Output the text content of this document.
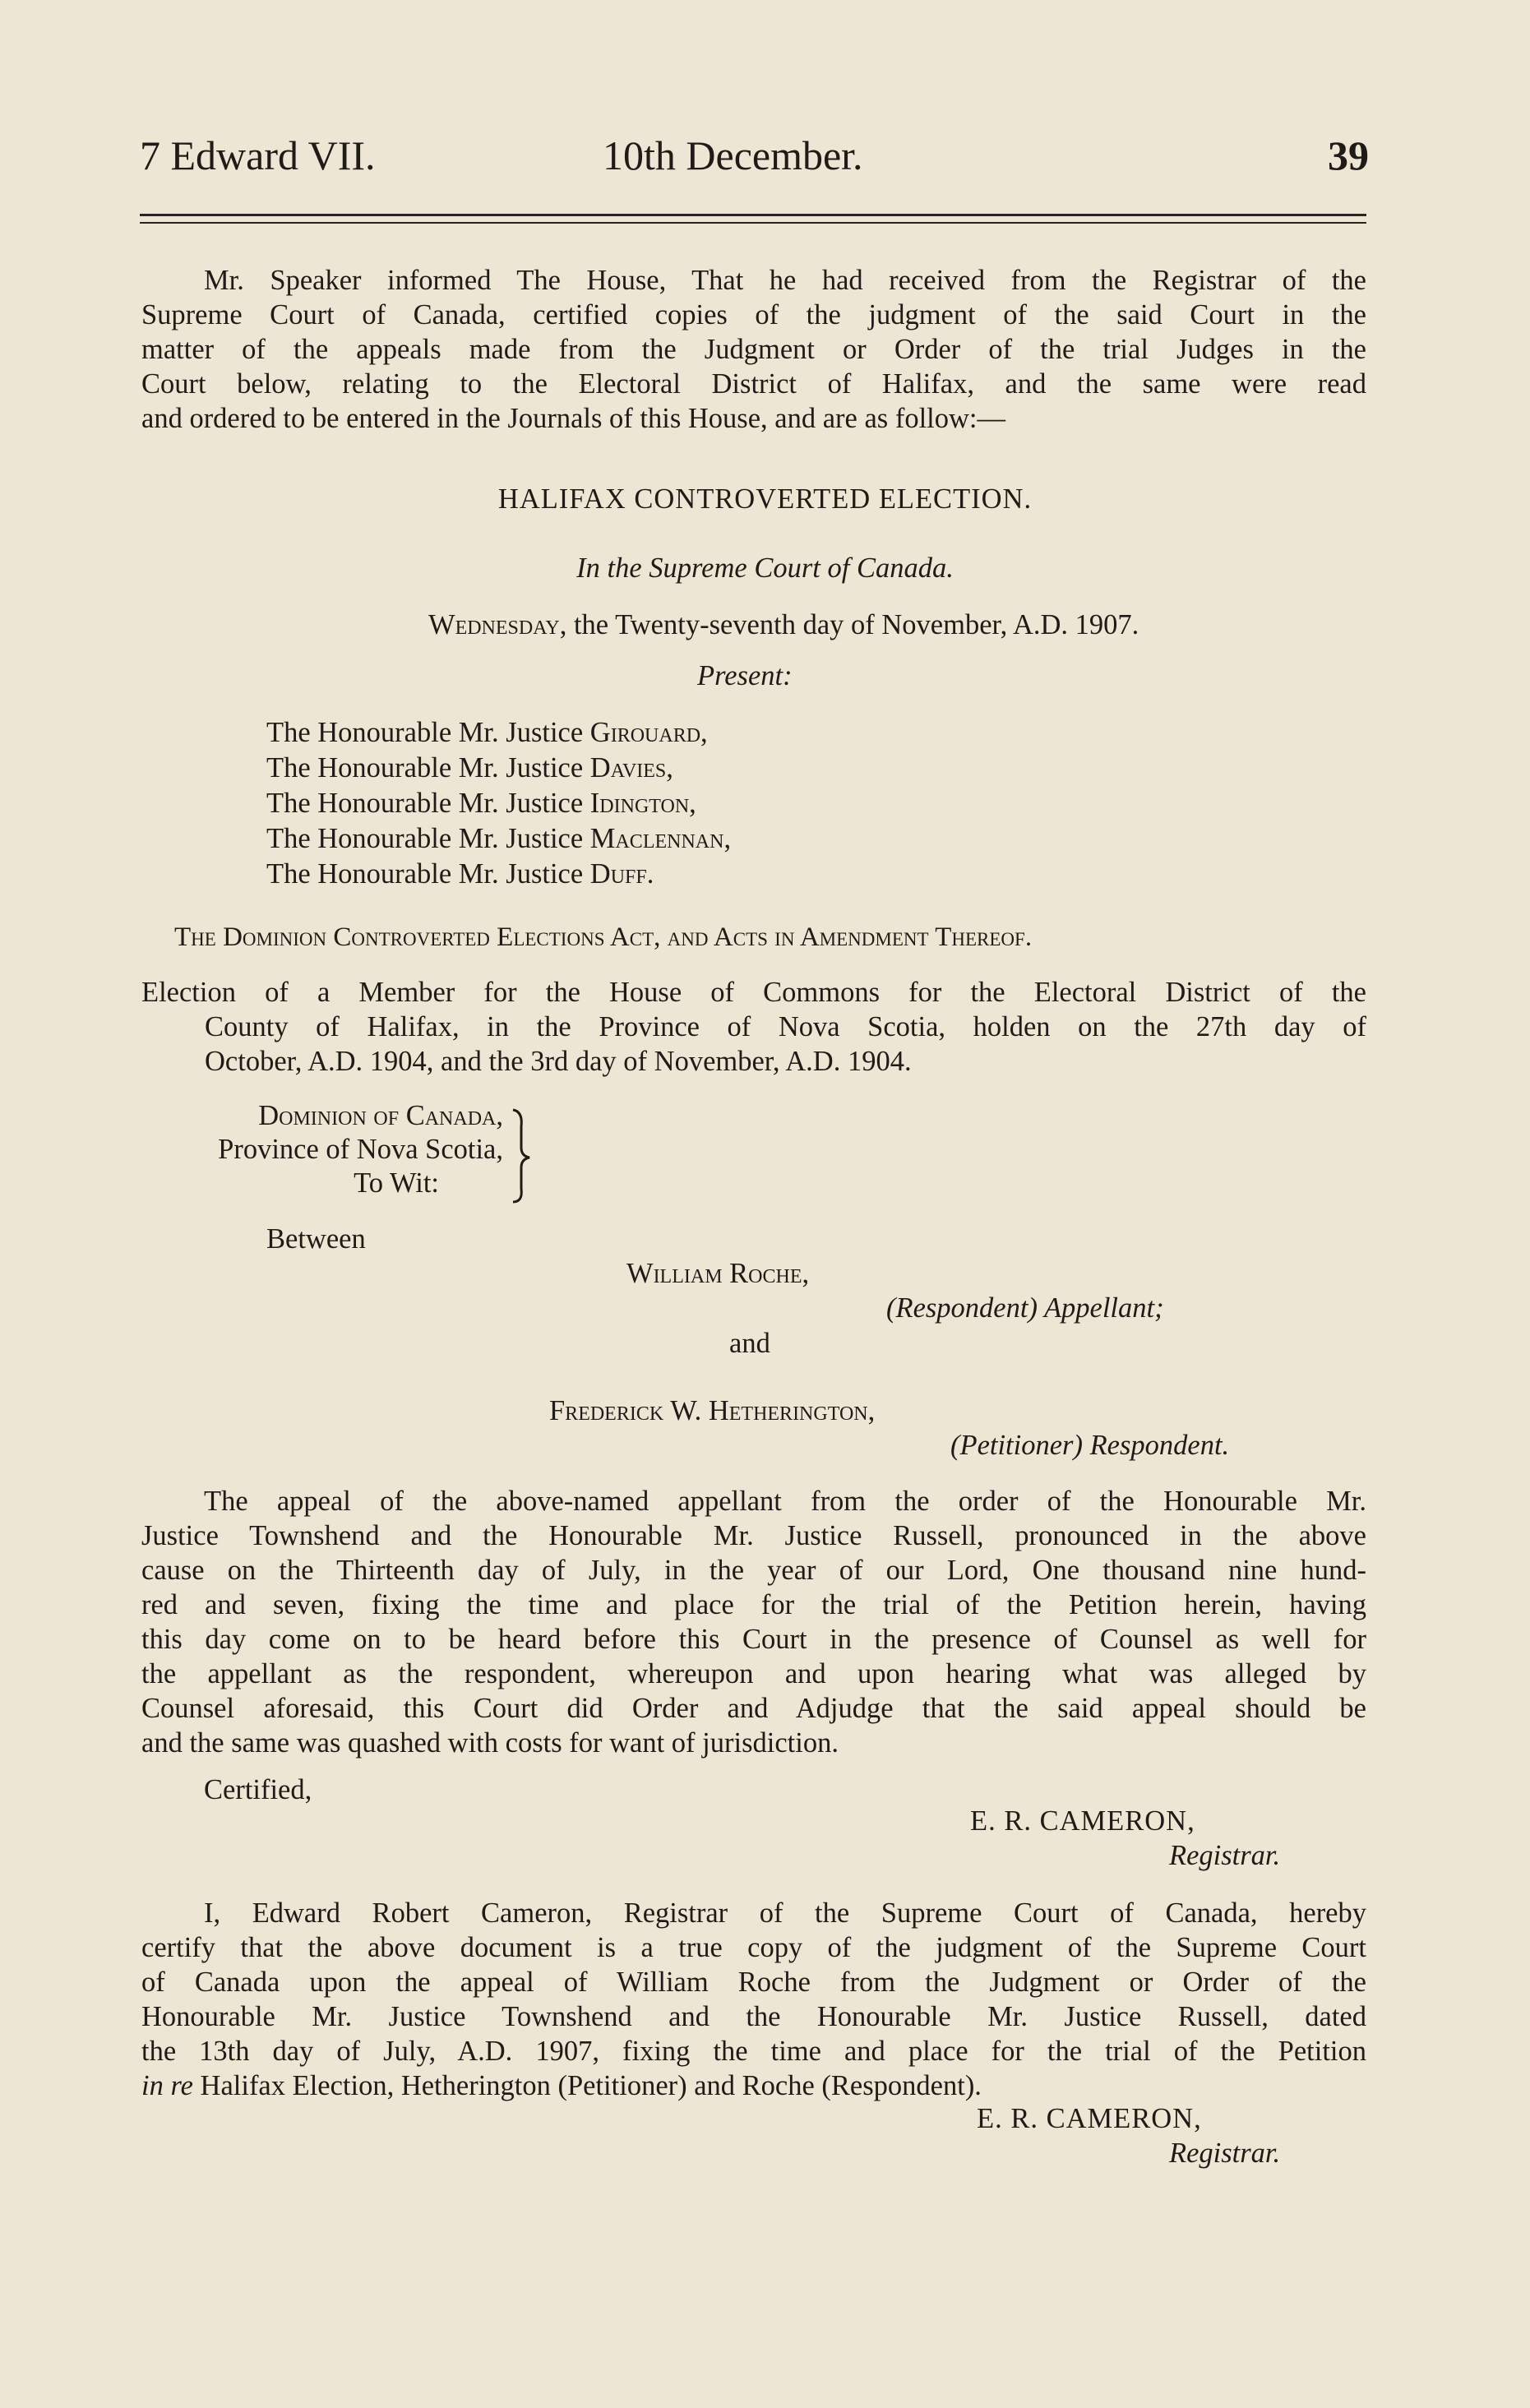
7 Edward VII.	10th December.	39

Mr. Speaker informed The House, That he had received from the Registrar of the
Supreme Court of Canada, certified copies of the judgment of the said Court in the
matter of the appeals made from the Judgment or Order of the trial Judges in the
Court below, relating to the Electoral District of Halifax, and the same were read
and ordered to be entered in the Journals of this House, and are as follow:—

HALIFAX CONTROVERTED ELECTION.
In the Supreme Court of Canada.
Wednesday, the Twenty-seventh day of November, A.D. 1907.
Present:
The Honourable Mr. Justice Girouard,
The Honourable Mr. Justice Davies,
The Honourable Mr. Justice Idington,
The Honourable Mr. Justice Maclennan,
The Honourable Mr. Justice Duff.
The Dominion Controverted Elections Act, and Acts in Amendment Thereof.

Election of a Member for the House of Commons for the Electoral District of the
County of Halifax, in the Province of Nova Scotia, holden on the 27th day of
October, A.D. 1904, and the 3rd day of November, A.D. 1904.

Dominion of Canada,
Province of Nova Scotia,
To Wit:
Between
William Roche,
(Respondent) Appellant;
and
Frederick W. Hetherington,
(Petitioner) Respondent.

The appeal of the above-named appellant from the order of the Honourable Mr.
Justice Townshend and the Honourable Mr. Justice Russell, pronounced in the above
cause on the Thirteenth day of July, in the year of our Lord, One thousand nine hund-
red and seven, fixing the time and place for the trial of the Petition herein, having
this day come on to be heard before this Court in the presence of Counsel as well for
the appellant as the respondent, whereupon and upon hearing what was alleged by
Counsel aforesaid, this Court did Order and Adjudge that the said appeal should be
and the same was quashed with costs for want of jurisdiction.

Certified,
E. R. CAMERON,
Registrar.

I, Edward Robert Cameron, Registrar of the Supreme Court of Canada, hereby
certify that the above document is a true copy of the judgment of the Supreme Court
of Canada upon the appeal of William Roche from the Judgment or Order of the
Honourable Mr. Justice Townshend and the Honourable Mr. Justice Russell, dated
the 13th day of July, A.D. 1907, fixing the time and place for the trial of the Petition
in re Halifax Election, Hetherington (Petitioner) and Roche (Respondent).

E. R. CAMERON,
Registrar.
